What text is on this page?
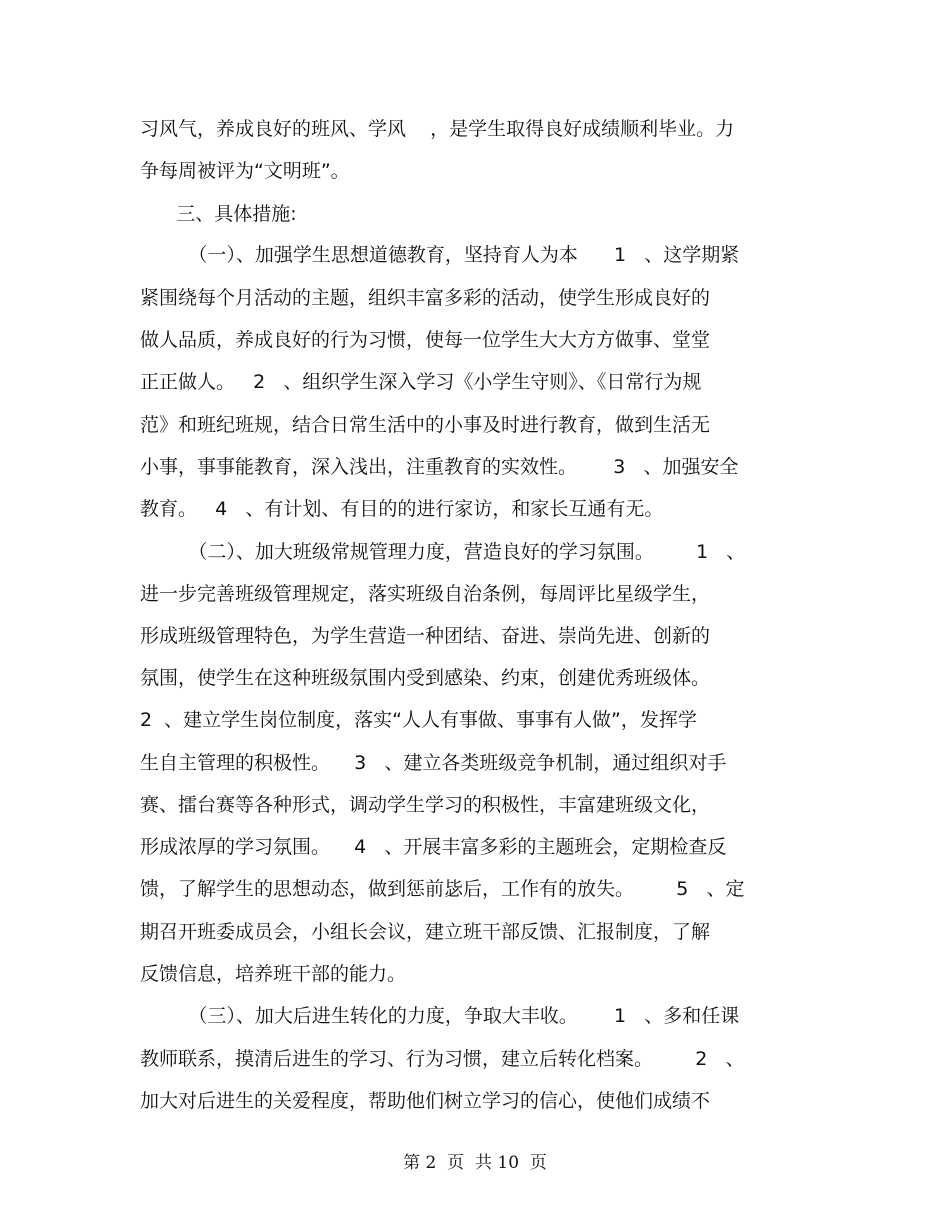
习风气，养成良好的班风、学风    ，是学生取得良好成绩顺利毕业。力
争每周被评为“文明班”。
三、具体措施:
（一）、加强学生思想道德教育，坚持育人为本      1   、这学期紧
紧围绕每个月活动的主题，组织丰富多彩的活动，使学生形成良好的
做人品质，养成良好的行为习惯，使每一位学生大大方方做事、堂堂
正正做人。   2   、组织学生深入学习《小学生守则》、《日常行为规
范》和班纪班规，结合日常生活中的小事及时进行教育，做到生活无
小事，事事能教育，深入浅出，注重教育的实效性。      3   、加强安全
教育。   4   、有计划、有目的的进行家访，和家长互通有无。
（二）、加大班级常规管理力度，营造良好的学习氛围。       1   、
进一步完善班级管理规定，落实班级自治条例，每周评比星级学生，
形成班级管理特色，为学生营造一种团结、奋进、崇尚先进、创新的
氛围，使学生在这种班级氛围内受到感染、约束，创建优秀班级体。
2  、建立学生岗位制度，落实“人人有事做、事事有人做”，发挥学
生自主管理的积极性。    3   、建立各类班级竞争机制，通过组织对手
赛、擂台赛等各种形式，调动学生学习的积极性，丰富建班级文化，
形成浓厚的学习氛围。    4   、开展丰富多彩的主题班会，定期检查反
馈，了解学生的思想动态，做到惩前毖后，工作有的放失。       5   、定
期召开班委成员会，小组长会议，建立班干部反馈、汇报制度，了解
反馈信息，培养班干部的能力。
（三）、加大后进生转化的力度，争取大丰收。      1   、多和任课
教师联系，摸清后进生的学习、行为习惯，建立后转化档案。       2   、
加大对后进生的关爱程度，帮助他们树立学习的信心，使他们成绩不
第 2  页  共 10  页
